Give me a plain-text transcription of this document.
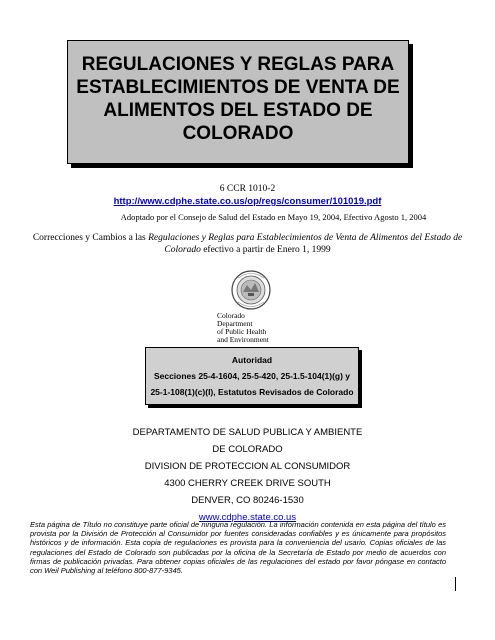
REGULACIONES Y REGLAS PARA
ESTABLECIMIENTOS DE VENTA DE
ALIMENTOS DEL ESTADO DE
COLORADO
6 CCR 1010-2
http://www.cdphe.state.co.us/op/regs/consumer/101019.pdf
Adoptado por el Consejo de Salud del Estado en Mayo 19, 2004, Efectivo Agosto 1, 2004
Correcciones y Cambios a las Regulaciones y Reglas para Establecimientos de Venta de Alimentos del Estado de Colorado efectivo a partir de Enero 1, 1999
Colorado Department
of Public Health
and Environment
Autoridad
Secciones 25-4-1604, 25-5-420, 25-1.5-104(1)(g) y
25-1-108(1)(c)(I), Estatutos Revisados de Colorado
DEPARTAMENTO DE SALUD PUBLICA Y AMBIENTE
DE COLORADO
DIVISION DE PROTECCION AL CONSUMIDOR
4300 CHERRY CREEK DRIVE SOUTH
DENVER, CO 80246-1530
www.cdphe.state.co.us
Esta página de Título no constituye parte oficial de ninguna regulación. La información contenida en esta página del título es provista por la División de Protección al Consumidor por fuentes consideradas confiables y es únicamente para propósitos históricos y de información. Esta copia de regulaciones es provista para la conveniencia del usario. Copias oficiales de las regulaciones del Estado de Colorado son publicadas por la oficina de la Secretaría de Estado por medio de acuerdos con firmas de publicación privadas. Para obtener copias oficiales de las regulaciones del estado por favor póngase en contacto con Weil Publishing al teléfono 800-877-9345.
